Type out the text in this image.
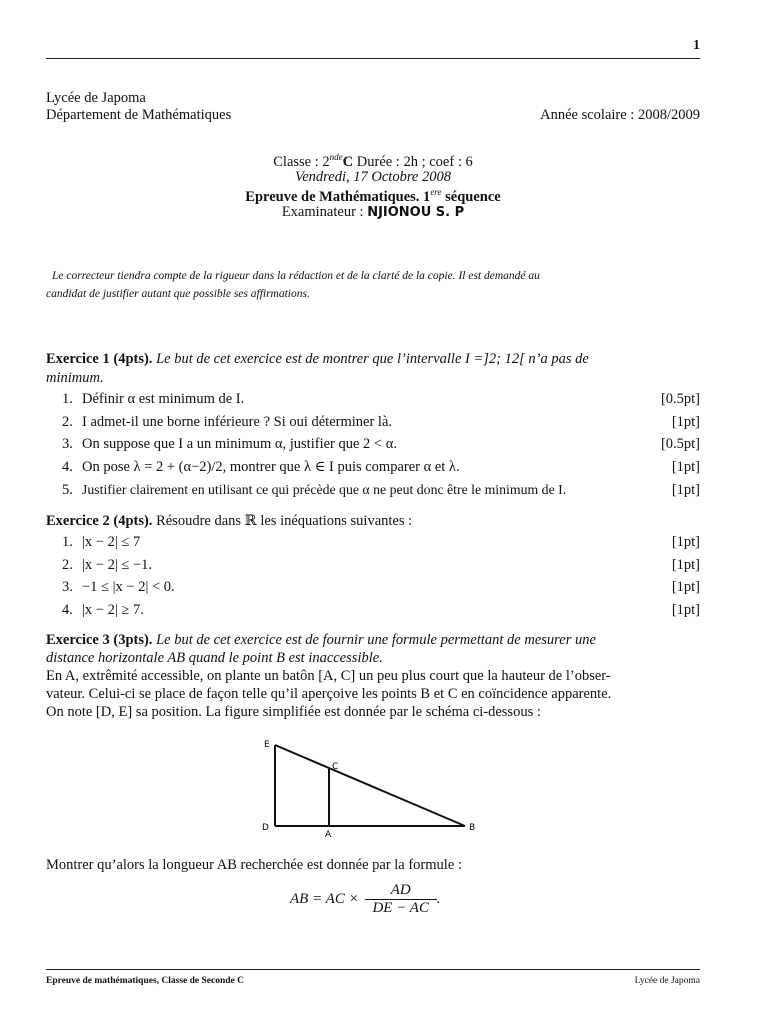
1
Lycée de Japoma
Département de Mathématiques	Année scolaire : 2008/2009
Classe : 2ndeC Durée : 2h ; coef : 6
Vendredi, 17 Octobre 2008
Epreuve de Mathématiques. 1ere séquence
Examinateur : NJIONOU S. P
Le correcteur tiendra compte de la rigueur dans la rédaction et de la clarté de la copie. Il est demandé au
candidat de justifier autant que possible ses affirmations.
Exercice 1 (4pts). Le but de cet exercice est de montrer que l’intervalle I =]2; 12[ n’a pas de
minimum.
1. Définir α est minimum de I.	[0.5pt]
2. I admet-il une borne inférieure ? Si oui déterminer là.	[1pt]
3. On suppose que I a un minimum α, justifier que 2 < α.	[0.5pt]
4. On pose λ = 2 + (α−2)/2, montrer que λ ∈ I puis comparer α et λ.	[1pt]
5. Justifier clairement en utilisant ce qui précède que α ne peut donc être le minimum de I.	[1pt]
Exercice 2 (4pts). Résoudre dans ℝ les inéquations suivantes :
1. |x − 2| ≤ 7	[1pt]
2. |x − 2| ≤ −1.	[1pt]
3. −1 ≤ |x − 2| < 0.	[1pt]
4. |x − 2| ≥ 7.	[1pt]
Exercice 3 (3pts). Le but de cet exercice est de fournir une formule permettant de mesurer une
distance horizontale AB quand le point B est inaccessible.
En A, extrêmité accessible, on plante un batôn [A, C] un peu plus court que la hauteur de l’obser-
vateur. Celui-ci se place de façon telle qu’il aperçoive les points B et C en coïncidence apparente.
On note [D, E] sa position. La figure simplifiée est donnée par le schéma ci-dessous :
E
C
D
A
B
Montrer qu’alors la longueur AB recherchée est donnée par la formule :
AB = AC ×
AD
DE − AC
.
Epreuve de mathématiques, Classe de Seconde C	Lycée de Japoma
